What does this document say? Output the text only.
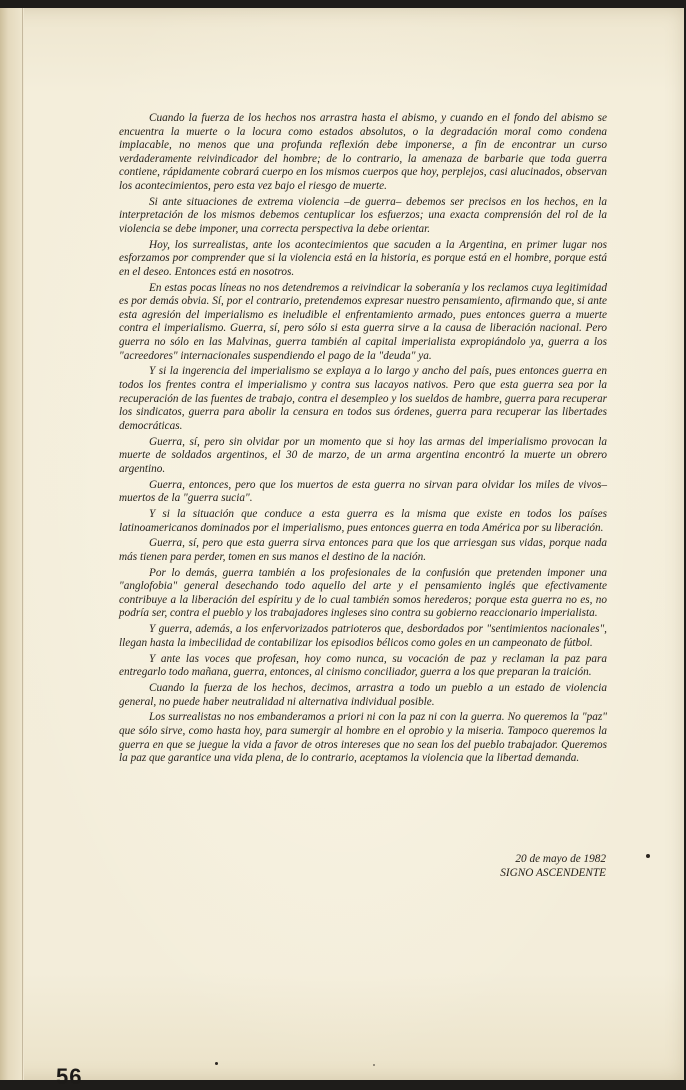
Cuando la fuerza de los hechos nos arrastra hasta el abismo, y cuando en el fondo del abismo se encuentra la muerte o la locura como estados absolutos, o la degradación moral como condena implacable, no menos que una profunda reflexión debe imponerse, a fin de encontrar un curso verdaderamente reivindicador del hombre; de lo contrario, la amenaza de barbarie que toda guerra contiene, rápidamente cobrará cuerpo en los mismos cuerpos que hoy, perplejos, casi alucinados, observan los acontecimientos, pero esta vez bajo el riesgo de muerte.

Si ante situaciones de extrema violencia –de guerra– debemos ser precisos en los hechos, en la interpretación de los mismos debemos centuplicar los esfuerzos; una exacta comprensión del rol de la violencia se debe imponer, una correcta perspectiva la debe orientar.

Hoy, los surrealistas, ante los acontecimientos que sacuden a la Argentina, en primer lugar nos esforzamos por comprender que si la violencia está en la historia, es porque está en el hombre, porque está en el deseo. Entonces está en nosotros.

En estas pocas líneas no nos detendremos a reivindicar la soberanía y los reclamos cuya legitimidad es por demás obvia. Sí, por el contrario, pretendemos expresar nuestro pensamiento, afirmando que, si ante esta agresión del imperialismo es ineludible el enfrentamiento armado, pues entonces guerra a muerte contra el imperialismo. Guerra, sí, pero sólo si esta guerra sirve a la causa de liberación nacional. Pero guerra no sólo en las Malvinas, guerra también al capital imperialista expropiándolo ya, guerra a los "acreedores" internacionales suspendiendo el pago de la "deuda" ya.

Y si la ingerencia del imperialismo se explaya a lo largo y ancho del país, pues entonces guerra en todos los frentes contra el imperialismo y contra sus lacayos nativos. Pero que esta guerra sea por la recuperación de las fuentes de trabajo, contra el desempleo y los sueldos de hambre, guerra para recuperar los sindicatos, guerra para abolir la censura en todos sus órdenes, guerra para recuperar las libertades democráticas.

Guerra, sí, pero sin olvidar por un momento que si hoy las armas del imperialismo provocan la muerte de soldados argentinos, el 30 de marzo, de un arma argentina encontró la muerte un obrero argentino.

Guerra, entonces, pero que los muertos de esta guerra no sirvan para olvidar los miles de vivos–muertos de la "guerra sucia".

Y si la situación que conduce a esta guerra es la misma que existe en todos los países latinoamericanos dominados por el imperialismo, pues entonces guerra en toda América por su liberación.

Guerra, sí, pero que esta guerra sirva entonces para que los que arriesgan sus vidas, porque nada más tienen para perder, tomen en sus manos el destino de la nación.

Por lo demás, guerra también a los profesionales de la confusión que pretenden imponer una "anglofobia" general desechando todo aquello del arte y el pensamiento inglés que efectivamente contribuye a la liberación del espíritu y de lo cual también somos herederos; porque esta guerra no es, no podría ser, contra el pueblo y los trabajadores ingleses sino contra su gobierno reaccionario imperialista.

Y guerra, además, a los enfervorizados patrioteros que, desbordados por "sentimientos nacionales", llegan hasta la imbecilidad de contabilizar los episodios bélicos como goles en un campeonato de fútbol.

Y ante las voces que profesan, hoy como nunca, su vocación de paz y reclaman la paz para entregarlo todo mañana, guerra, entonces, al cinismo conciliador, guerra a los que preparan la traición.

Cuando la fuerza de los hechos, decimos, arrastra a todo un pueblo a un estado de violencia general, no puede haber neutralidad ni alternativa individual posible.

Los surrealistas no nos embanderamos a priori ni con la paz ni con la guerra. No queremos la "paz" que sólo sirve, como hasta hoy, para sumergir al hombre en el oprobio y la miseria. Tampoco queremos la guerra en que se juegue la vida a favor de otros intereses que no sean los del pueblo trabajador. Queremos la paz que garantice una vida plena, de lo contrario, aceptamos la violencia que la libertad demanda.

20 de mayo de 1982
SIGNO ASCENDENTE
56
